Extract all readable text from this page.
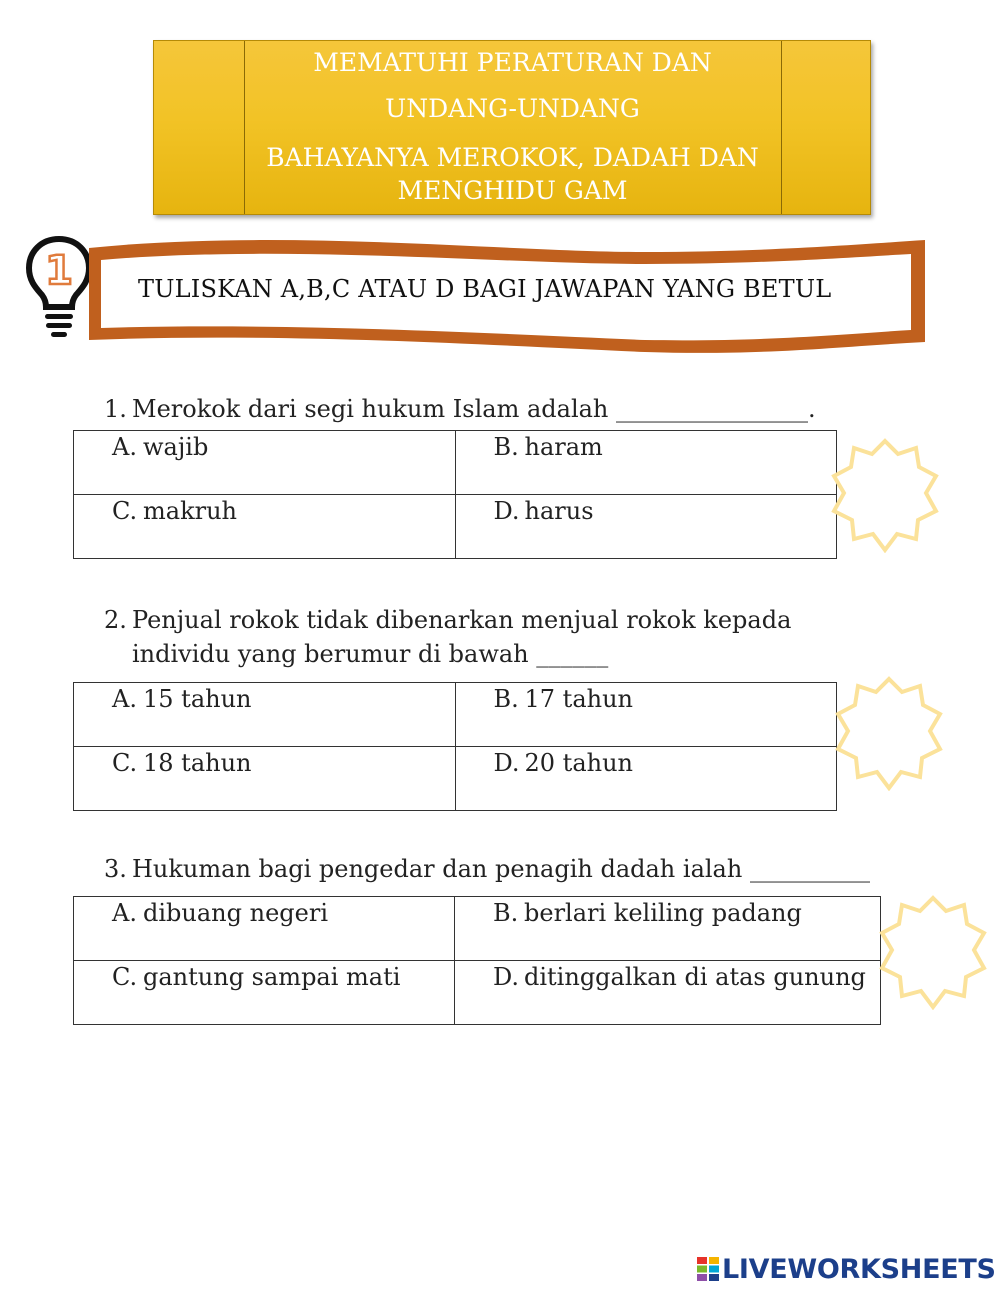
MEMATUHI PERATURAN DAN
UNDANG-UNDANG
BAHAYANYA MEROKOK, DADAH DAN MENGHIDU GAM
1	TULISKAN A,B,C ATAU D BAGI JAWAPAN YANG BETUL
1. Merokok dari segi hukum Islam adalah ________________.
A. wajib	B. haram
C. makruh	D. harus
2. Penjual rokok tidak dibenarkan menjual rokok kepada
individu yang berumur di bawah ______
A. 15 tahun	B. 17 tahun
C. 18 tahun	D. 20 tahun
3. Hukuman bagi pengedar dan penagih dadah ialah __________
A. dibuang negeri	B. berlari keliling padang
C. gantung sampai mati	D. ditinggalkan di atas gunung
LIVEWORKSHEETS
